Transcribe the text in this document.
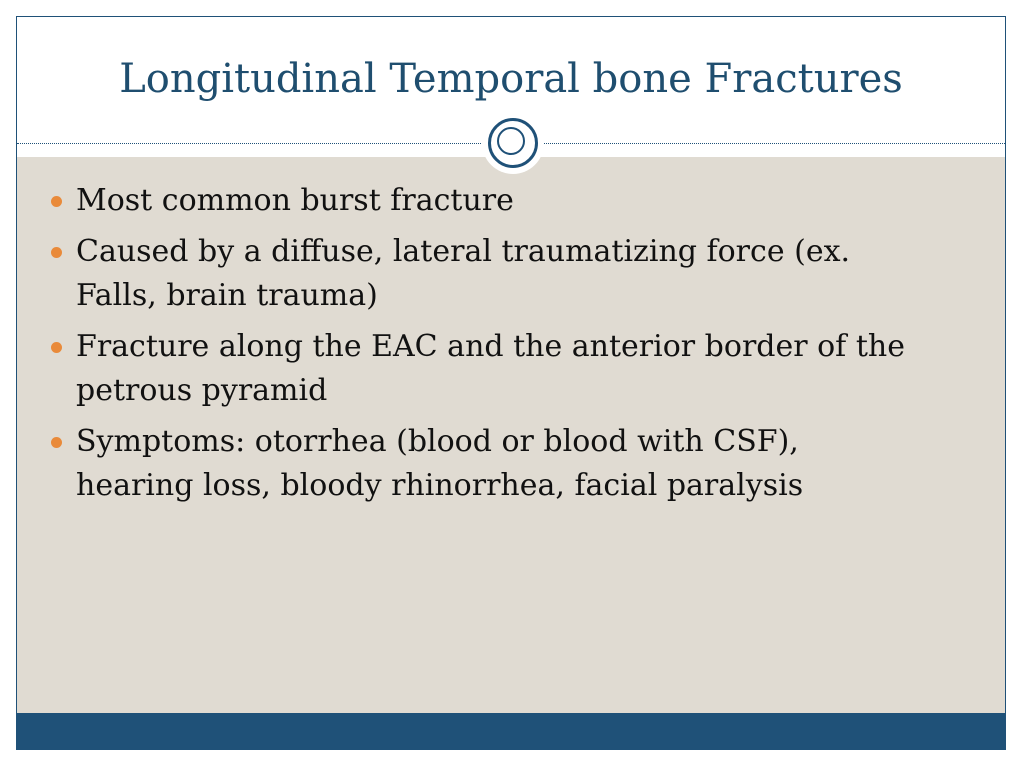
Longitudinal Temporal bone Fractures
Most common burst fracture
Caused by a diffuse, lateral traumatizing force (ex. Falls, brain trauma)
Fracture along the EAC and the anterior border of the petrous pyramid
Symptoms: otorrhea (blood or blood with CSF), hearing loss, bloody rhinorrhea, facial paralysis
